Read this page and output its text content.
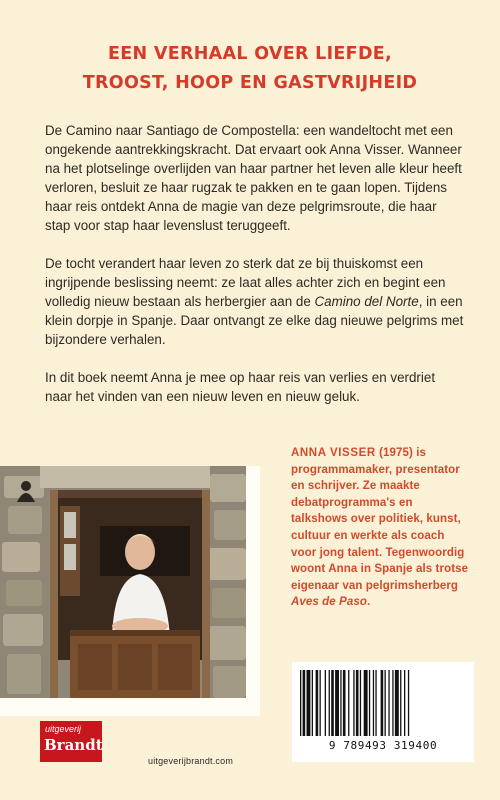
EEN VERHAAL OVER LIEFDE,
TROOST, HOOP EN GASTVRIJHEID

De Camino naar Santiago de Compostella: een wandeltocht met een ongekende aantrekkingskracht. Dat ervaart ook Anna Visser. Wanneer na het plotselinge overlijden van haar partner het leven alle kleur heeft verloren, besluit ze haar rugzak te pakken en te gaan lopen. Tijdens haar reis ontdekt Anna de magie van deze pelgrimsroute, die haar stap voor stap haar levenslust teruggeeft.

De tocht verandert haar leven zo sterk dat ze bij thuiskomst een ingrijpende beslissing neemt: ze laat alles achter zich en begint een volledig nieuw bestaan als herbergier aan de Camino del Norte, in een klein dorpje in Spanje. Daar ontvangt ze elke dag nieuwe pelgrims met bijzondere verhalen.

In dit boek neemt Anna je mee op haar reis van verlies en verdriet naar het vinden van een nieuw leven en nieuw geluk.

ANNA VISSER (1975) is programmamaker, presentator en schrijver. Ze maakte debatprogramma's en talkshows over politiek, kunst, cultuur en werkte als coach voor jong talent. Tegenwoordig woont Anna in Spanje als trotse eigenaar van pelgrimsherberg Aves de Paso.
9 789493 319400
uitgeverij
Brandt
uitgeverijbrandt.com
